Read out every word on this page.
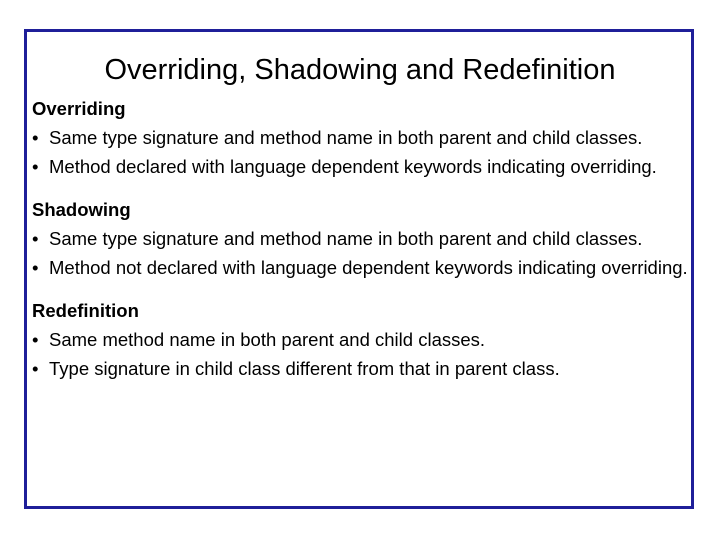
Overriding, Shadowing and Redefinition
Overriding
• Same type signature and method name in both parent and child classes.
• Method declared with language dependent keywords indicating overriding.
Shadowing
• Same type signature and method name in both parent and child classes.
• Method not declared with language dependent keywords indicating overriding.
Redefinition
• Same method name in both parent and child classes.
• Type signature in child class different from that in parent class.
